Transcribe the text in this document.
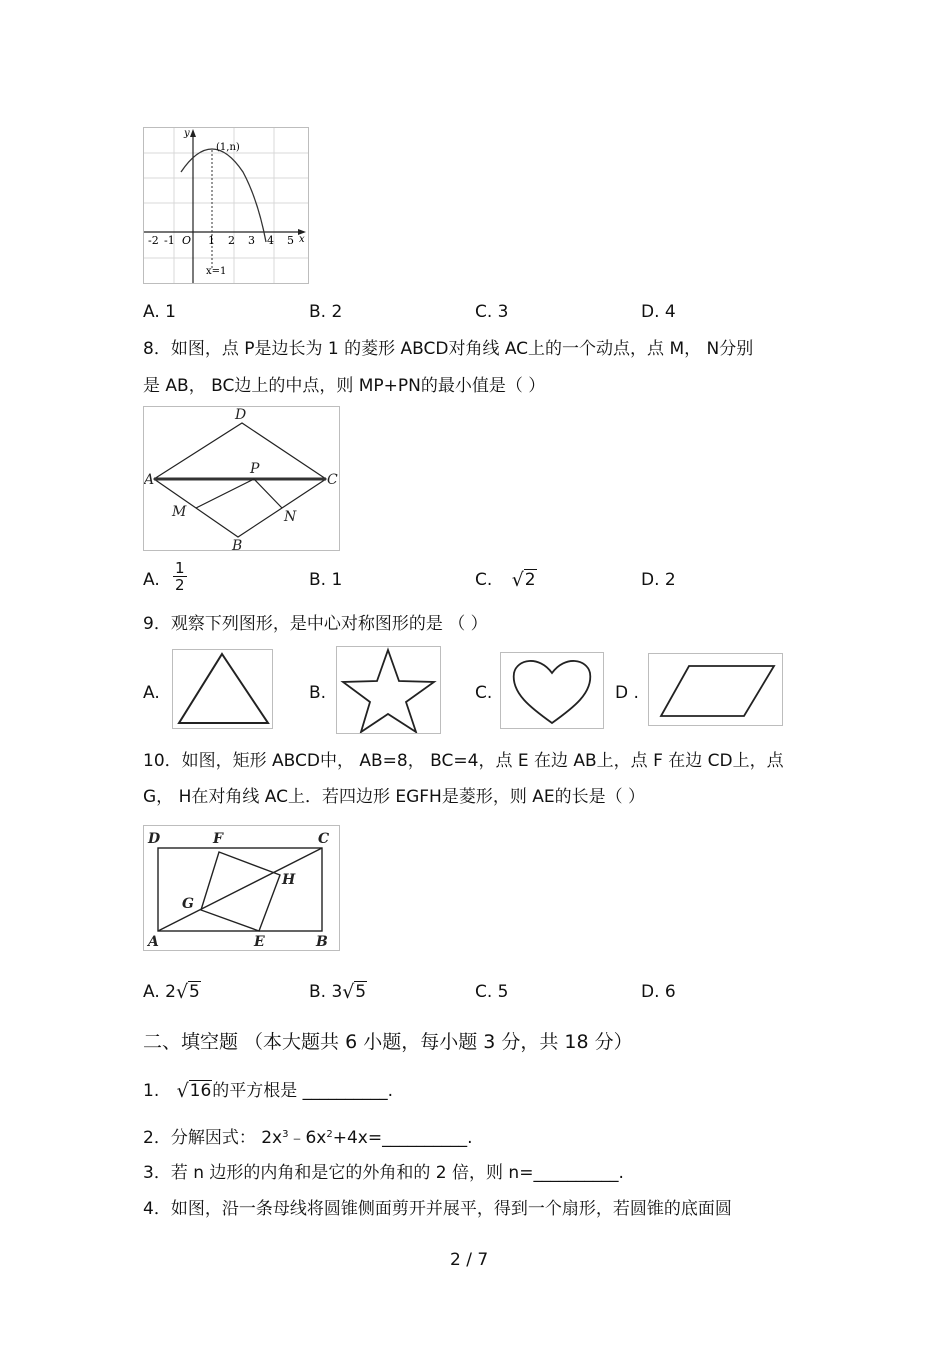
-2 -1 O 1 2 3 4 5 x
y
(1,n)
x=1
A. 1	B. 2	C. 3	D. 4
8．如图，点 P是边长为 1 的菱形 ABCD对角线 AC上的一个动点，点 M， N分别
是 AB， BC边上的中点，则 MP+PN的最小值是（ ）
A
D
C
B
P
M	N
A. $\frac{1}{2}$	B. 1	C. √ 2	D. 2
9．观察下列图形，是中心对称图形的是 （ ）
A.	B.	C.	D .
10．如图，矩形 ABCD中， AB=8， BC=4，点 E 在边 AB上，点 F 在边 CD上，点
G， H在对角线 AC上．若四边形 EGFH是菱形，则 AE的长是（ ）
D	F	C
H
G
A	E	B
A. 2 √ 5	B. 3 √ 5	C. 5	D. 6
二、填空题 （本大题共 6 小题，每小题 3 分，共 18 分）
1. √ 16的平方根是 __________.
2．分解因式： $2x^3﹣6x^2+4x=\_\_\_\_\_\_\_\_\_\_$.
3．若 n 边形的内角和是它的外角和的 2 倍，则 n=__________.
4．如图，沿一条母线将圆锥侧面剪开并展平，得到一个扇形，若圆锥的底面圆
2 / 7
